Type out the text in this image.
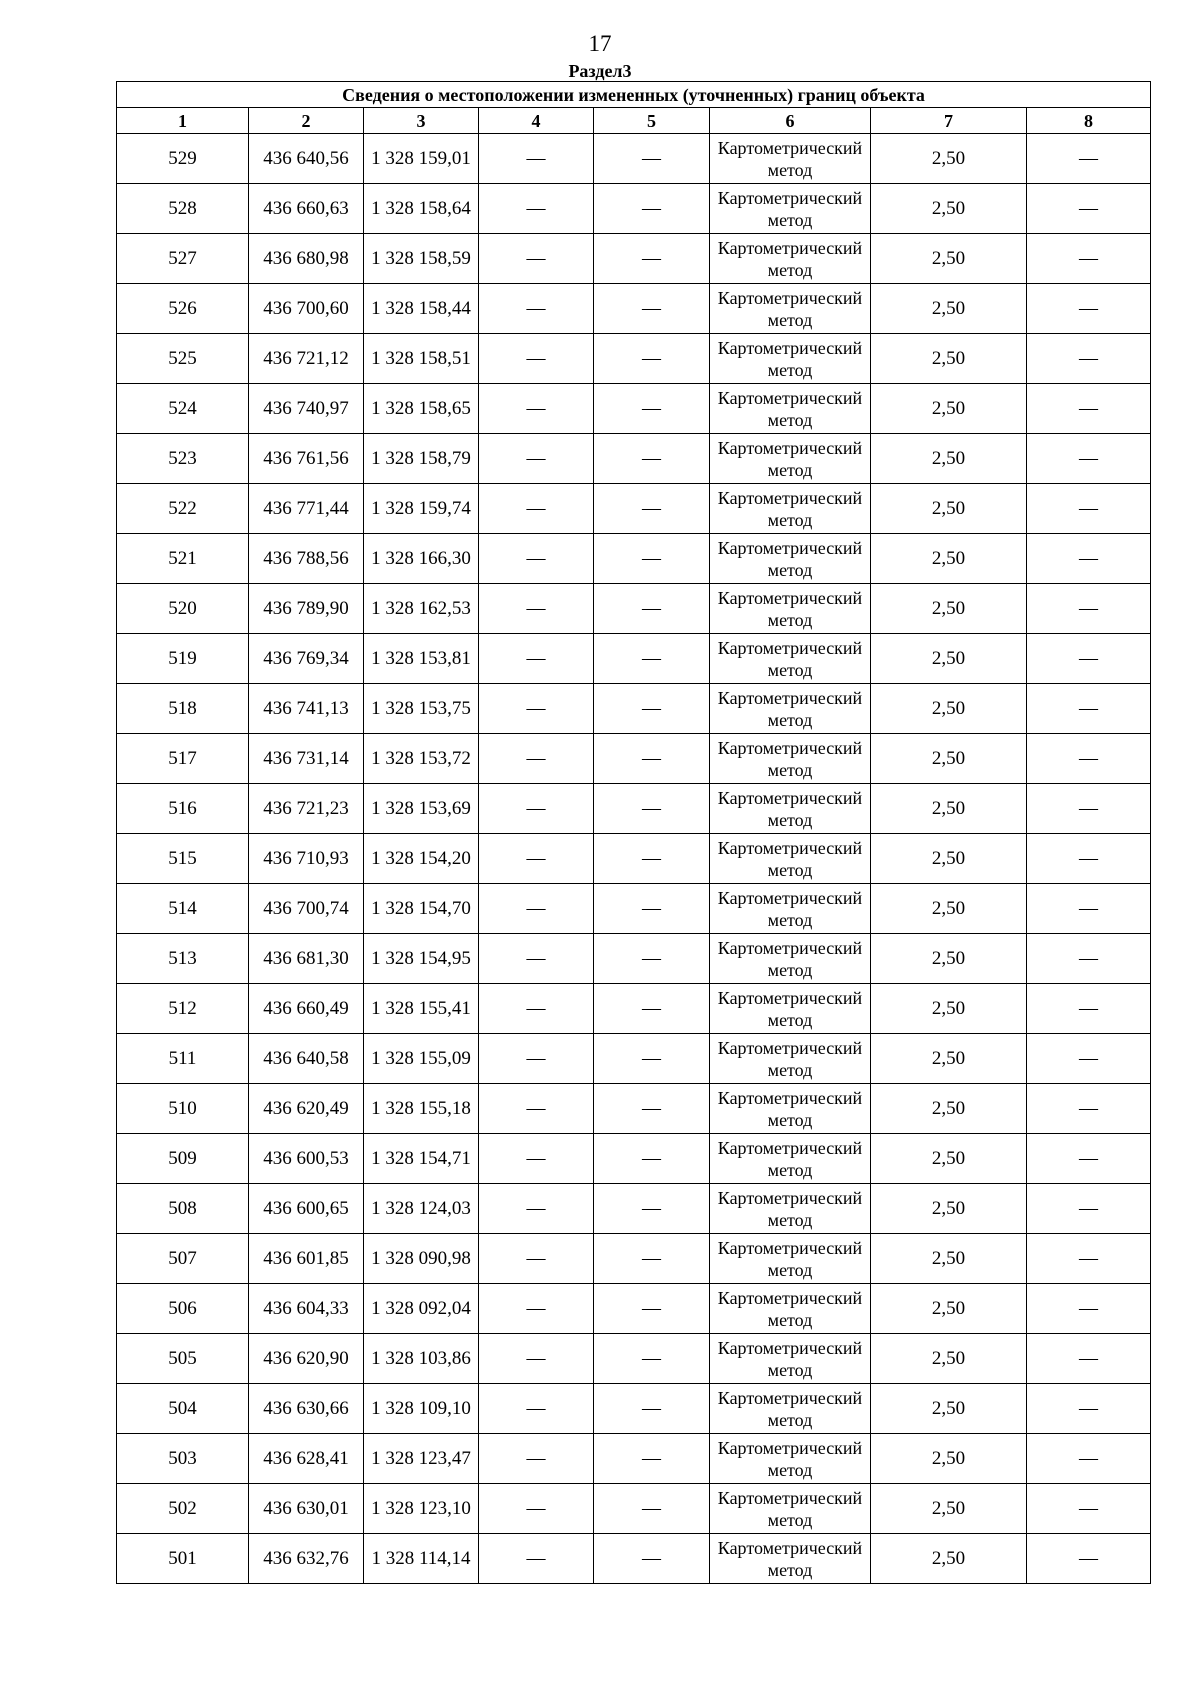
17
Раздел3
Сведения о местоположении измененных (уточненных) границ объекта							
1	2	3	4	5	6	7	8
529	436 640,56	1 328 159,01	—	—	Картометрический метод	2,50	—
528	436 660,63	1 328 158,64	—	—	Картометрический метод	2,50	—
527	436 680,98	1 328 158,59	—	—	Картометрический метод	2,50	—
526	436 700,60	1 328 158,44	—	—	Картометрический метод	2,50	—
525	436 721,12	1 328 158,51	—	—	Картометрический метод	2,50	—
524	436 740,97	1 328 158,65	—	—	Картометрический метод	2,50	—
523	436 761,56	1 328 158,79	—	—	Картометрический метод	2,50	—
522	436 771,44	1 328 159,74	—	—	Картометрический метод	2,50	—
521	436 788,56	1 328 166,30	—	—	Картометрический метод	2,50	—
520	436 789,90	1 328 162,53	—	—	Картометрический метод	2,50	—
519	436 769,34	1 328 153,81	—	—	Картометрический метод	2,50	—
518	436 741,13	1 328 153,75	—	—	Картометрический метод	2,50	—
517	436 731,14	1 328 153,72	—	—	Картометрический метод	2,50	—
516	436 721,23	1 328 153,69	—	—	Картометрический метод	2,50	—
515	436 710,93	1 328 154,20	—	—	Картометрический метод	2,50	—
514	436 700,74	1 328 154,70	—	—	Картометрический метод	2,50	—
513	436 681,30	1 328 154,95	—	—	Картометрический метод	2,50	—
512	436 660,49	1 328 155,41	—	—	Картометрический метод	2,50	—
511	436 640,58	1 328 155,09	—	—	Картометрический метод	2,50	—
510	436 620,49	1 328 155,18	—	—	Картометрический метод	2,50	—
509	436 600,53	1 328 154,71	—	—	Картометрический метод	2,50	—
508	436 600,65	1 328 124,03	—	—	Картометрический метод	2,50	—
507	436 601,85	1 328 090,98	—	—	Картометрический метод	2,50	—
506	436 604,33	1 328 092,04	—	—	Картометрический метод	2,50	—
505	436 620,90	1 328 103,86	—	—	Картометрический метод	2,50	—
504	436 630,66	1 328 109,10	—	—	Картометрический метод	2,50	—
503	436 628,41	1 328 123,47	—	—	Картометрический метод	2,50	—
502	436 630,01	1 328 123,10	—	—	Картометрический метод	2,50	—
501	436 632,76	1 328 114,14	—	—	Картометрический метод	2,50	—
